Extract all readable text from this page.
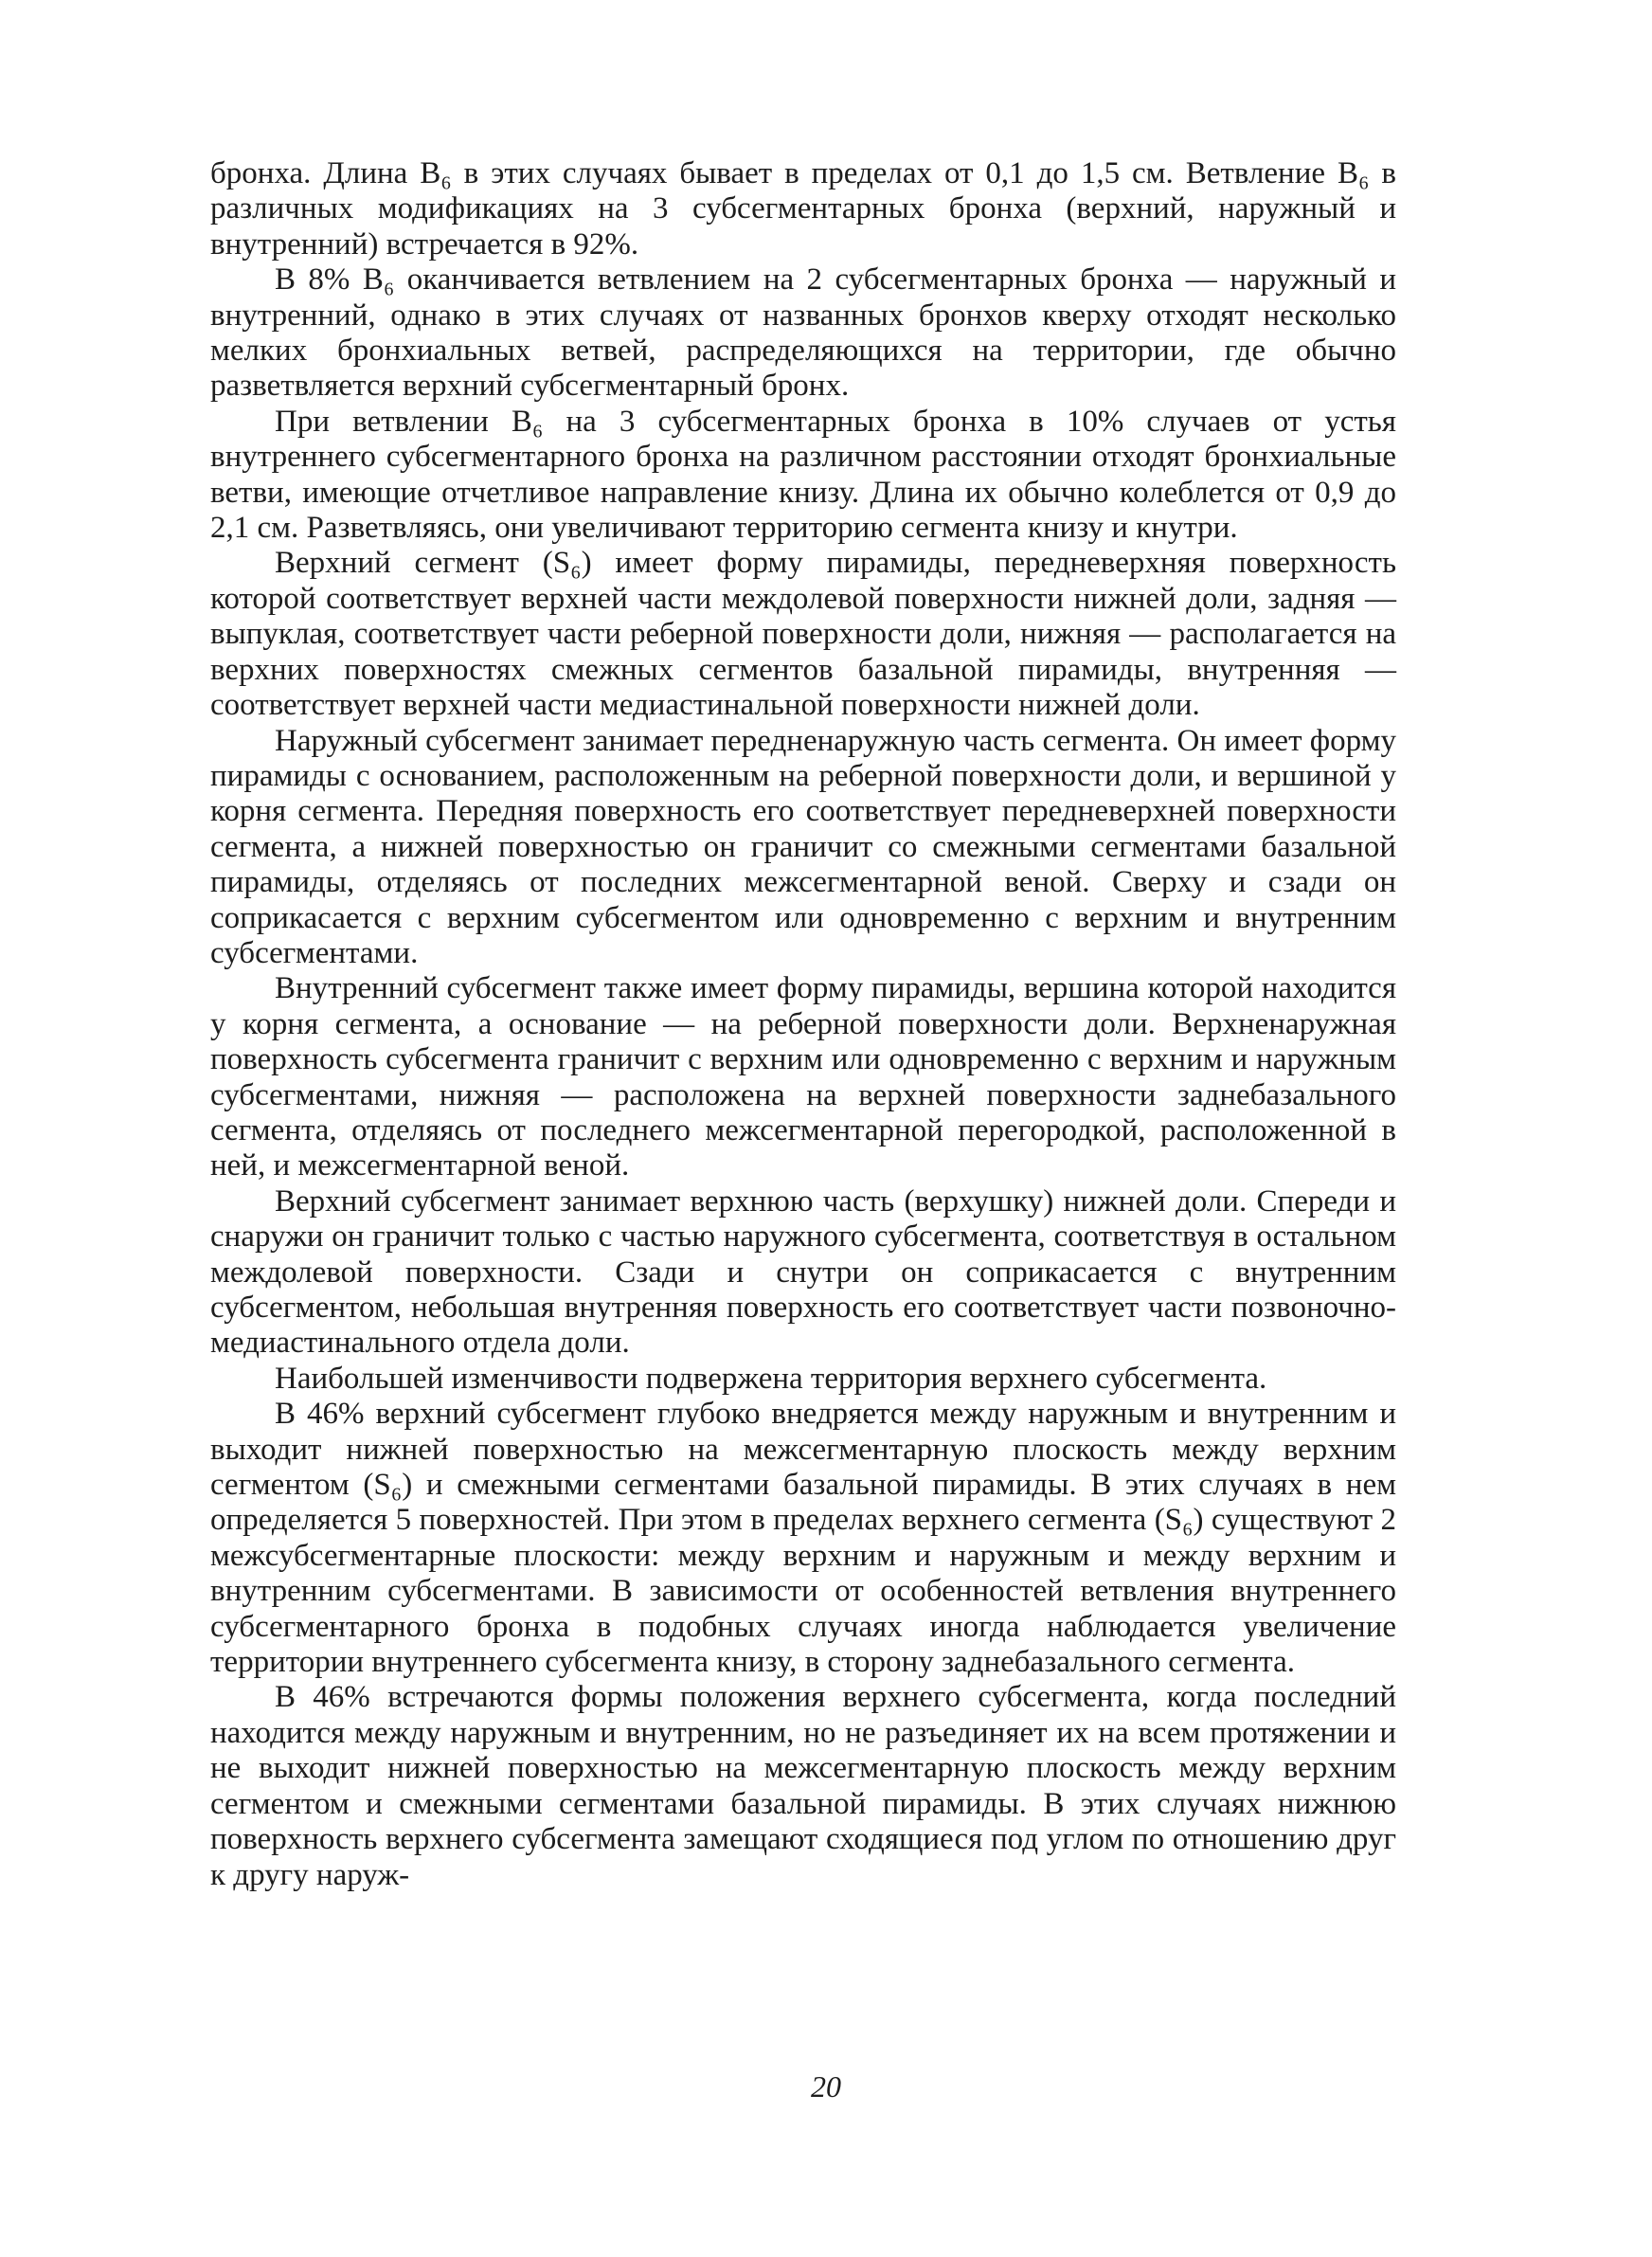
бронха. Длина B₆ в этих случаях бывает в пределах от 0,1 до 1,5 см. Ветвление B₆ в различных модификациях на 3 субсегментарных бронха (верхний, наружный и внутренний) встречается в 92%.

В 8% B₆ оканчивается ветвлением на 2 субсегментарных бронха — наружный и внутренний, однако в этих случаях от названных бронхов кверху отходят несколько мелких бронхиальных ветвей, распределяющихся на территории, где обычно разветвляется верхний субсегментарный бронх.

При ветвлении B₆ на 3 субсегментарных бронха в 10% случаев от устья внутреннего субсегментарного бронха на различном расстоянии отходят бронхиальные ветви, имеющие отчетливое направление книзу. Длина их обычно колеблется от 0,9 до 2,1 см. Разветвляясь, они увеличивают территорию сегмента книзу и кнутри.

Верхний сегмент (S₆) имеет форму пирамиды, передневерхняя поверхность которой соответствует верхней части междолевой поверхности нижней доли, задняя — выпуклая, соответствует части реберной поверхности доли, нижняя — располагается на верхних поверхностях смежных сегментов базальной пирамиды, внутренняя — соответствует верхней части медиастинальной поверхности нижней доли.

Наружный субсегмент занимает передненаружную часть сегмента. Он имеет форму пирамиды с основанием, расположенным на реберной поверхности доли, и вершиной у корня сегмента. Передняя поверхность его соответствует передневерхней поверхности сегмента, а нижней поверхностью он граничит со смежными сегментами базальной пирамиды, отделяясь от последних межсегментарной веной. Сверху и сзади он соприкасается с верхним субсегментом или одновременно с верхним и внутренним субсегментами.

Внутренний субсегмент также имеет форму пирамиды, вершина которой находится у корня сегмента, а основание — на реберной поверхности доли. Верхненаружная поверхность субсегмента граничит с верхним или одновременно с верхним и наружным субсегментами, нижняя — расположена на верхней поверхности заднебазального сегмента, отделяясь от последнего межсегментарной перегородкой, расположенной в ней, и межсегментарной веной.

Верхний субсегмент занимает верхнюю часть (верхушку) нижней доли. Спереди и снаружи он граничит только с частью наружного субсегмента, соответствуя в остальном междолевой поверхности. Сзади и снутри он соприкасается с внутренним субсегментом, небольшая внутренняя поверхность его соответствует части позвоночно-медиастинального отдела доли.

Наибольшей изменчивости подвержена территория верхнего субсегмента.

В 46% верхний субсегмент глубоко внедряется между наружным и внутренним и выходит нижней поверхностью на межсегментарную плоскость между верхним сегментом (S₆) и смежными сегментами базальной пирамиды. В этих случаях в нем определяется 5 поверхностей. При этом в пределах верхнего сегмента (S₆) существуют 2 межсубсегментарные плоскости: между верхним и наружным и между верхним и внутренним субсегментами. В зависимости от особенностей ветвления внутреннего субсегментарного бронха в подобных случаях иногда наблюдается увеличение территории внутреннего субсегмента книзу, в сторону заднебазального сегмента.

В 46% встречаются формы положения верхнего субсегмента, когда последний находится между наружным и внутренним, но не разъединяет их на всем протяжении и не выходит нижней поверхностью на межсегментарную плоскость между верхним сегментом и смежными сегментами базальной пирамиды. В этих случаях нижнюю поверхность верхнего субсегмента замещают сходящиеся под углом по отношению друг к другу наруж-

20
